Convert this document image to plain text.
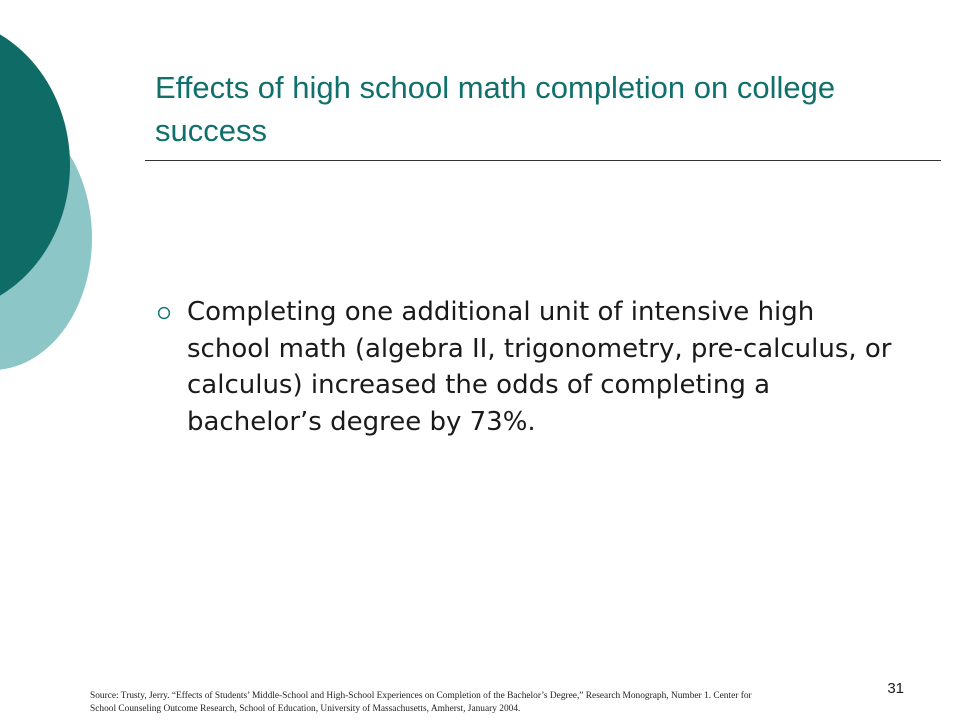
Effects of high school math completion on college success
Completing one additional unit of intensive high school math (algebra II, trigonometry, pre-calculus, or calculus) increased the odds of completing a bachelor’s degree by 73%.
31
Source: Trusty, Jerry. “Effects of Students’ Middle-School and High-School Experiences on Completion of the Bachelor’s Degree,” Research Monograph, Number 1. Center for
School Counseling Outcome Research, School of Education, University of Massachusetts, Amherst, January 2004.
